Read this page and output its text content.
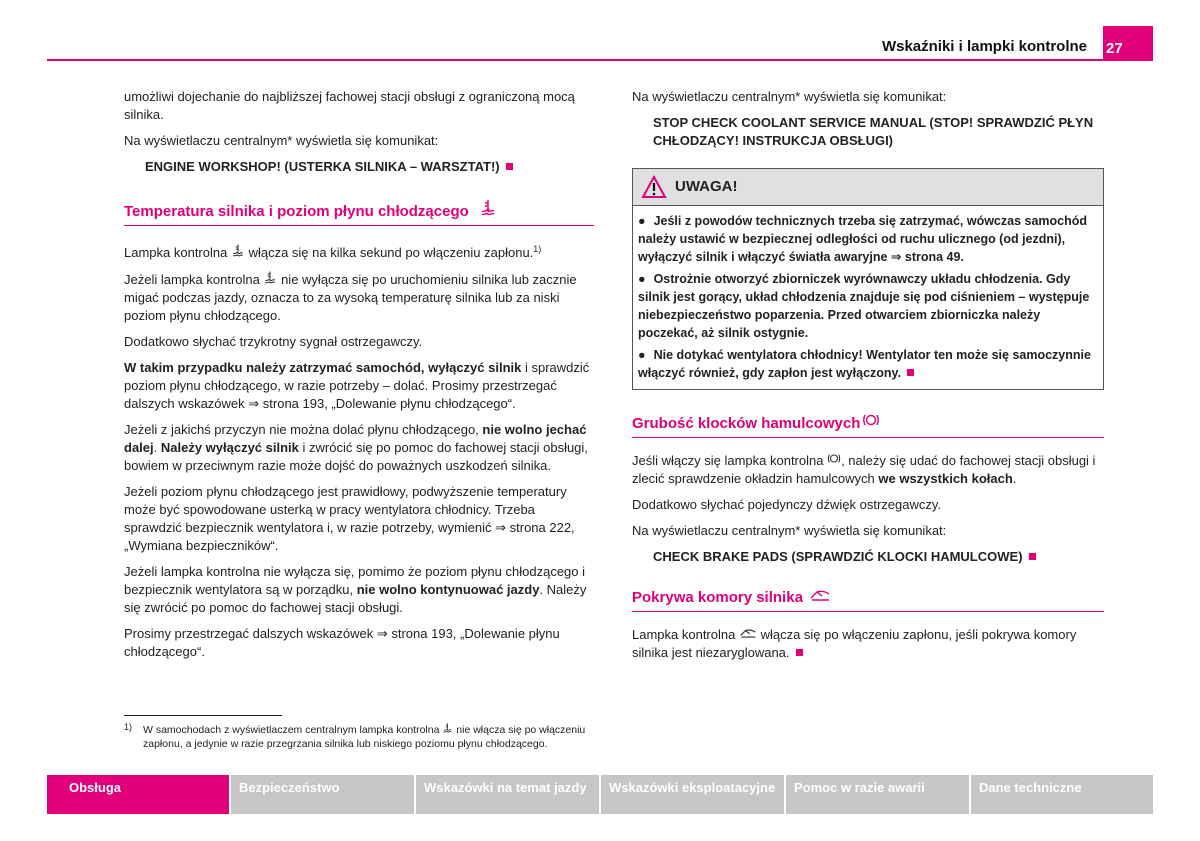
Wskaźniki i lampki kontrolne 27

umożliwi dojechanie do najbliższej fachowej stacji obsługi z ograniczoną mocą silnika.

Na wyświetlaczu centralnym* wyświetla się komunikat:

ENGINE WORKSHOP! (USTERKA SILNIKA – WARSZTAT!)

Temperatura silnika i poziom płynu chłodzącego

Lampka kontrolna  włącza się na kilka sekund po włączeniu zapłonu.$^{1)}$

Jeżeli lampka kontrolna  nie wyłącza się po uruchomieniu silnika lub zacznie migać podczas jazdy, oznacza to za wysoką temperaturę silnika lub za niski poziom płynu chłodzącego.

Dodatkowo słychać trzykrotny sygnał ostrzegawczy.

W takim przypadku należy zatrzymać samochód, wyłączyć silnik i sprawdzić poziom płynu chłodzącego, w razie potrzeby – dolać. Prosimy przestrzegać dalszych wskazówek ⇒ strona 193, „Dolewanie płynu chłodzącego“.

Jeżeli z jakichś przyczyn nie można dolać płynu chłodzącego, nie wolno jechać dalej. Należy wyłączyć silnik i zwrócić się po pomoc do fachowej stacji obsługi, bowiem w przeciwnym razie może dojść do poważnych uszkodzeń silnika.

Jeżeli poziom płynu chłodzącego jest prawidłowy, podwyższenie temperatury może być spowodowane usterką w pracy wentylatora chłodnicy. Trzeba sprawdzić bezpiecznik wentylatora i, w razie potrzeby, wymienić ⇒ strona 222, „Wymiana bezpieczników“.

Jeżeli lampka kontrolna nie wyłącza się, pomimo że poziom płynu chłodzącego i bezpiecznik wentylatora są w porządku, nie wolno kontynuować jazdy. Należy się zwrócić po pomoc do fachowej stacji obsługi.

Prosimy przestrzegać dalszych wskazówek ⇒ strona 193, „Dolewanie płynu chłodzącego“.

Na wyświetlaczu centralnym* wyświetla się komunikat:

STOP CHECK COOLANT SERVICE MANUAL (STOP! SPRAWDZIĆ PŁYN CHŁODZĄCY! INSTRUKCJA OBSŁUGI)

UWAGA!
● Jeśli z powodów technicznych trzeba się zatrzymać, wówczas samochód należy ustawić w bezpiecznej odległości od ruchu ulicznego (od jezdni), wyłączyć silnik i włączyć światła awaryjne ⇒ strona 49.
● Ostrożnie otworzyć zbiorniczek wyrównawczy układu chłodzenia. Gdy silnik jest gorący, układ chłodzenia znajduje się pod ciśnieniem – występuje niebezpieczeństwo poparzenia. Przed otwarciem zbiorniczka należy poczekać, aż silnik ostygnie.
● Nie dotykać wentylatora chłodnicy! Wentylator ten może się samoczynnie włączyć również, gdy zapłon jest wyłączony.
Grubość klocków hamulcowych

Jeśli włączy się lampka kontrolna , należy się udać do fachowej stacji obsługi i zlecić sprawdzenie okładzin hamulcowych we wszystkich kołach.

Dodatkowo słychać pojedynczy dźwięk ostrzegawczy.

Na wyświetlaczu centralnym* wyświetla się komunikat:

CHECK BRAKE PADS (SPRAWDZIĆ KLOCKI HAMULCOWE)

Pokrywa komory silnika

Lampka kontrolna  włącza się po włączeniu zapłonu, jeśli pokrywa komory silnika jest niezaryglowana.

1) W samochodach z wyświetlaczem centralnym lampka kontrolna  nie włącza się po włączeniu zapłonu, a jedynie w razie przegrzania silnika lub niskiego poziomu płynu chłodzącego.
Obsługa	Bezpieczeństwo	Wskazówki na temat jazdy	Wskazówki eksploatacyjne	Pomoc w razie awarii	Dane techniczne
